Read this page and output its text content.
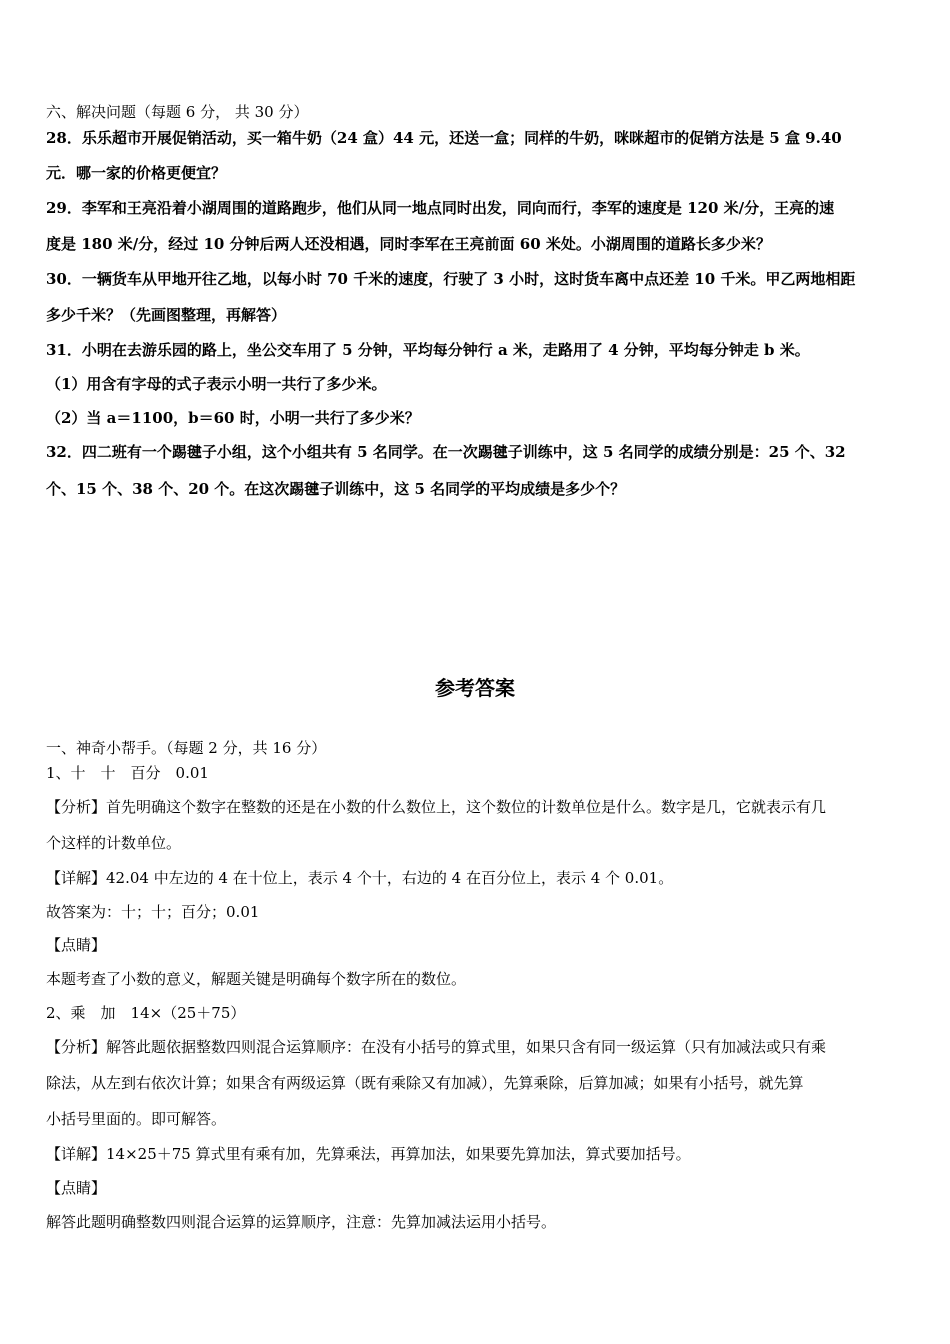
六、解决问题（每题 6 分， 共 30 分）
28．乐乐超市开展促销活动，买一箱牛奶（24 盒）44 元，还送一盒；同样的牛奶，咪咪超市的促销方法是 5 盒 9.40
元．哪一家的价格更便宜？
29．李军和王亮沿着小湖周围的道路跑步，他们从同一地点同时出发，同向而行，李军的速度是 120 米/分，王亮的速
度是 180 米/分，经过 10 分钟后两人还没相遇，同时李军在王亮前面 60 米处。小湖周围的道路长多少米？
30．一辆货车从甲地开往乙地，以每小时 70 千米的速度，行驶了 3 小时，这时货车离中点还差 10 千米。甲乙两地相距
多少千米？（先画图整理，再解答）
31．小明在去游乐园的路上，坐公交车用了 5 分钟，平均每分钟行 a 米，走路用了 4 分钟，平均每分钟走 b 米。
（1）用含有字母的式子表示小明一共行了多少米。
（2）当 a＝1100，b＝60 时，小明一共行了多少米？
32．四二班有一个踢毽子小组，这个小组共有 5 名同学。在一次踢毽子训练中，这 5 名同学的成绩分别是：25 个、32
个、15 个、38 个、20 个。在这次踢毽子训练中，这 5 名同学的平均成绩是多少个？
参考答案
一、神奇小帮手。（每题 2 分，共 16 分）
1、十　十　百分　0.01
【分析】首先明确这个数字在整数的还是在小数的什么数位上，这个数位的计数单位是什么。数字是几，它就表示有几
个这样的计数单位。
【详解】42.04 中左边的 4 在十位上，表示 4 个十，右边的 4 在百分位上，表示 4 个 0.01。
故答案为：十；十；百分；0.01
【点睛】
本题考查了小数的意义，解题关键是明确每个数字所在的数位。
2、乘　加　14×（25＋75）
【分析】解答此题依据整数四则混合运算顺序：在没有小括号的算式里，如果只含有同一级运算（只有加减法或只有乘
除法，从左到右依次计算；如果含有两级运算（既有乘除又有加减），先算乘除，后算加减；如果有小括号，就先算
小括号里面的。即可解答。
【详解】14×25＋75 算式里有乘有加，先算乘法，再算加法，如果要先算加法，算式要加括号。
【点睛】
解答此题明确整数四则混合运算的运算顺序，注意：先算加减法运用小括号。
